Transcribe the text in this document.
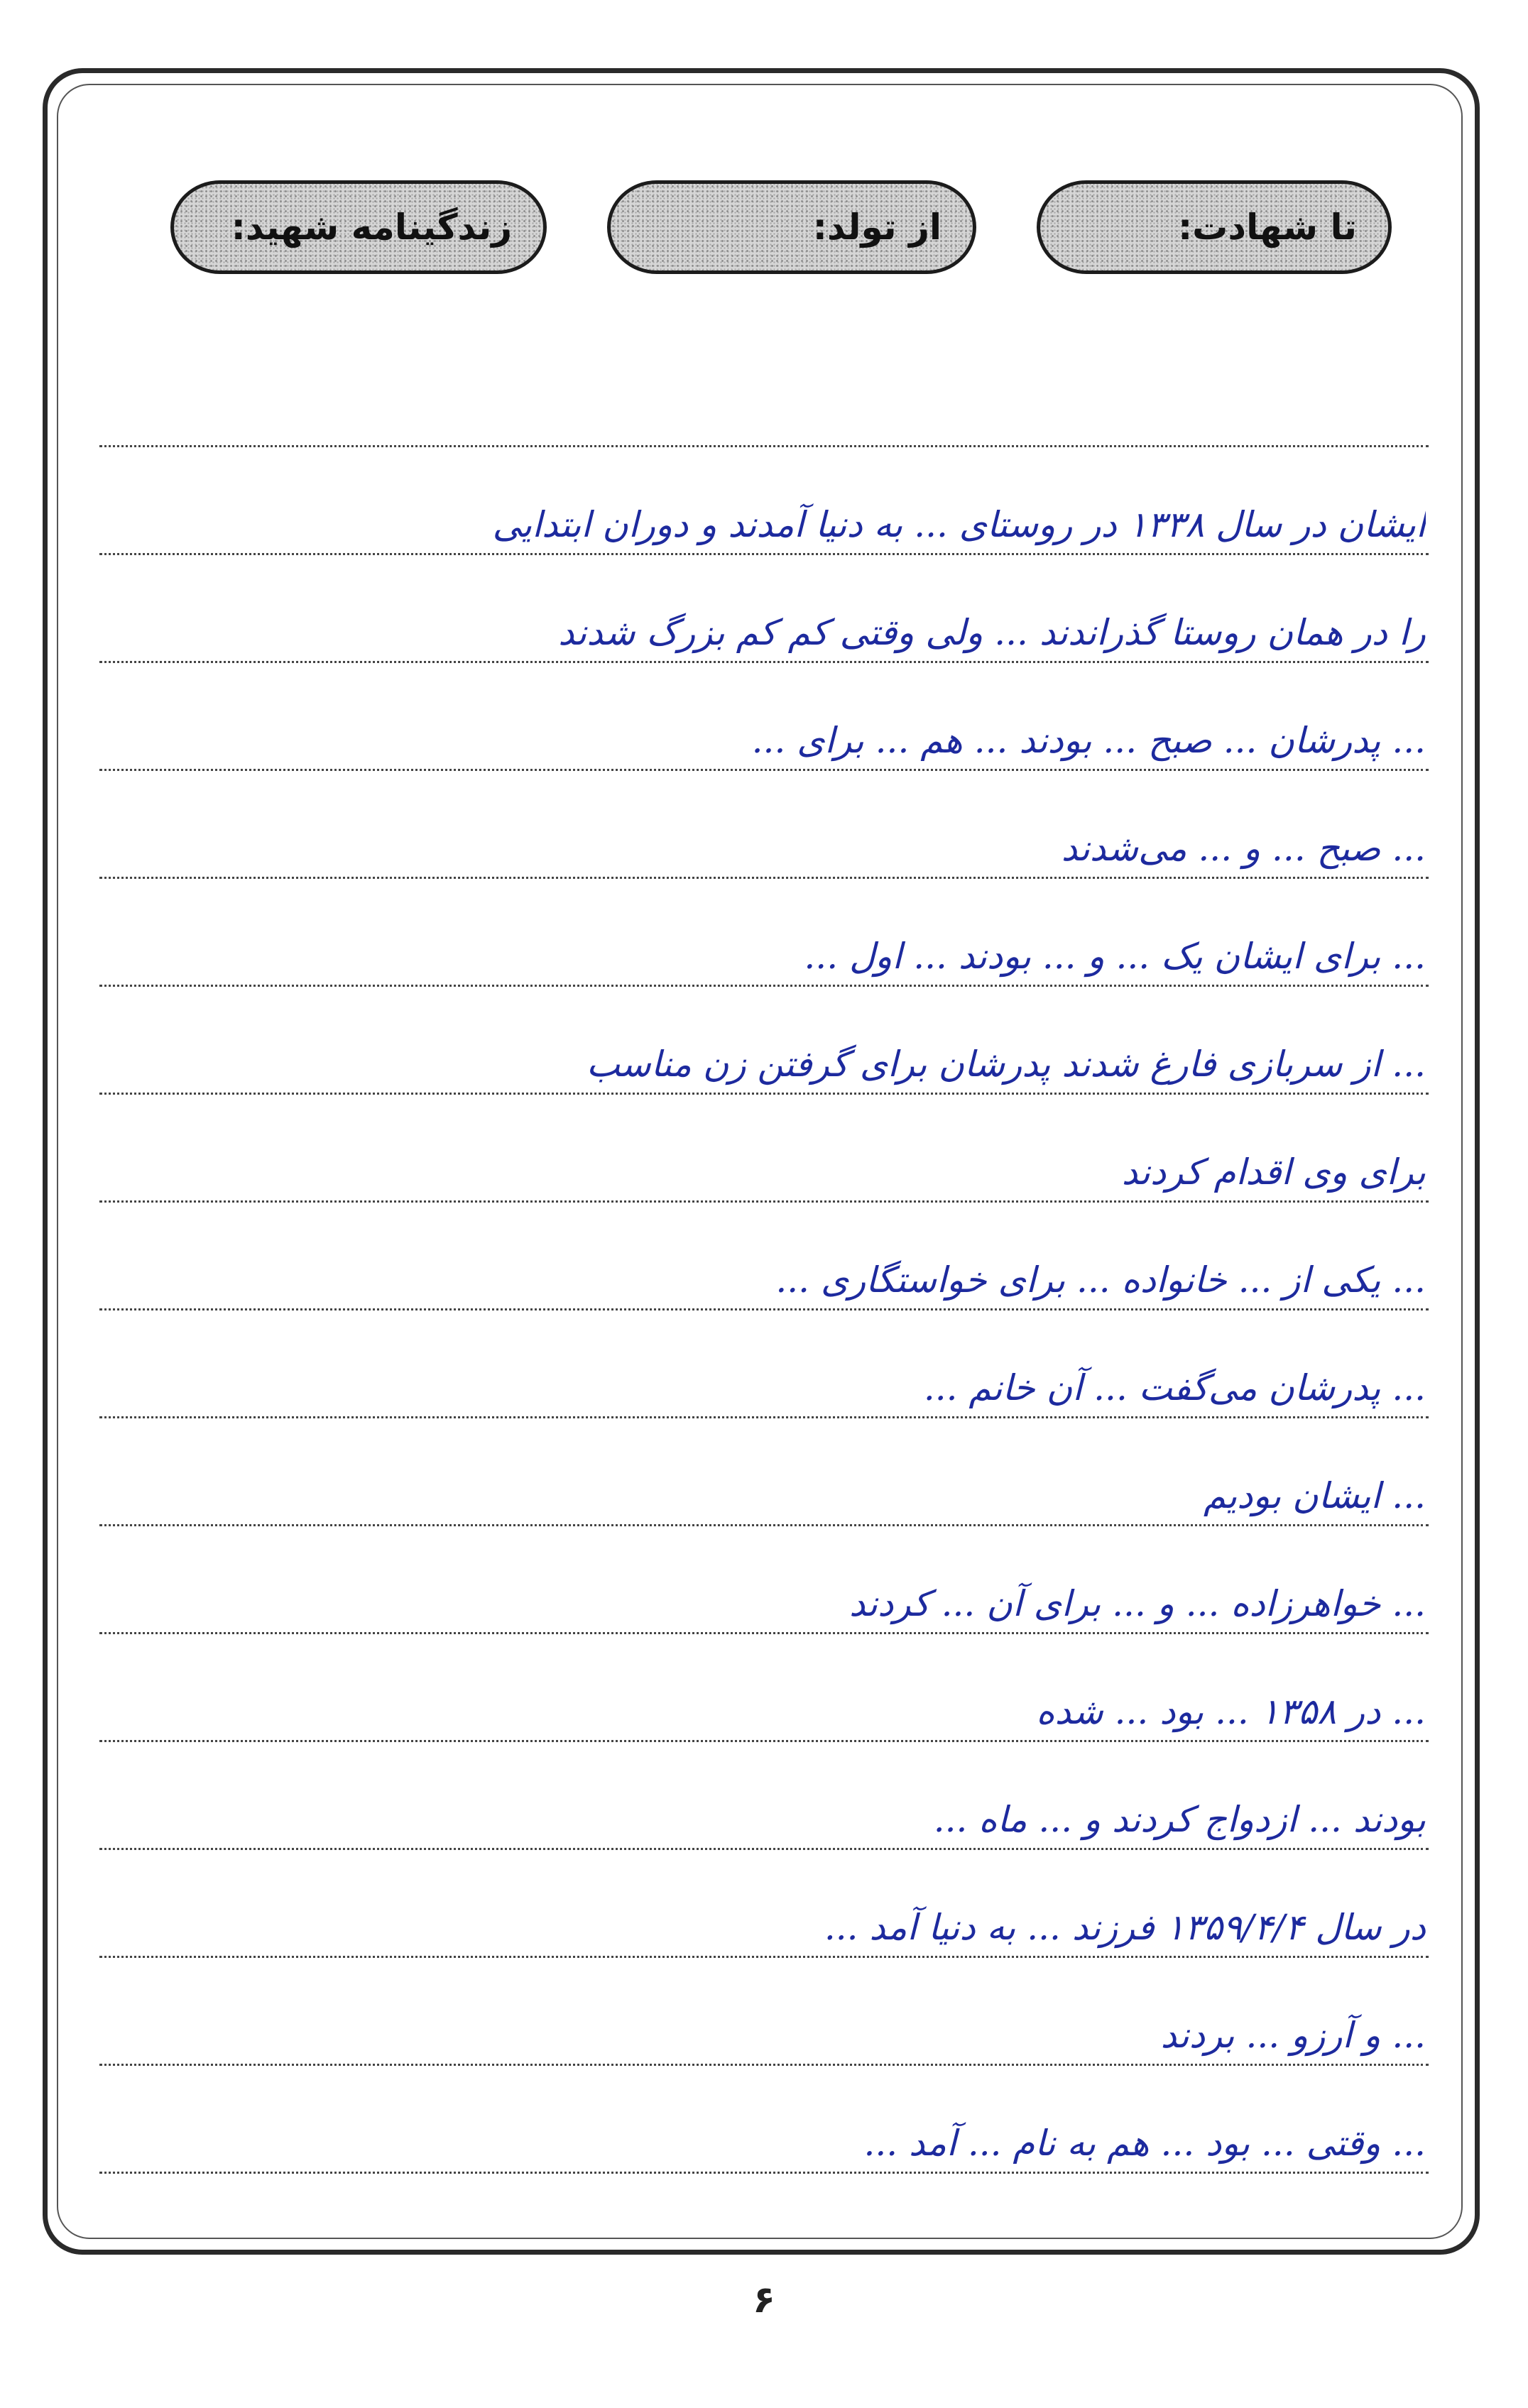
زندگینامه شهید:	از تولد:	تا شهادت:
ایشان در سال ۱۳۳۸ در روستای ... به دنیا آمدند و دوران ابتدایی
را در همان روستا گذراندند ... ولی وقتی کم کم بزرگ شدند
... پدرشان ... صبح ... بودند ... هم ... برای ...
... صبح ... و ... می‌شدند
... برای ایشان یک ... و ... بودند ... اول ...
... از سربازی فارغ شدند پدرشان برای گرفتن زن مناسب
برای وی اقدام کردند
... یکی از ... خانواده ... برای خواستگاری ...
... پدرشان می‌گفت ... آن خانم ...
... ایشان بودیم
... خواهرزاده ... و ... برای آن ... کردند
... در ۱۳۵۸ ... بود ... شده
بودند ... ازدواج کردند و ... ماه ...
در سال ۱۳۵۹/۴/۴ فرزند ... به دنیا آمد ...
... و آرزو ... بردند
... وقتی ... بود ... هم به نام ... آمد ...
۶
